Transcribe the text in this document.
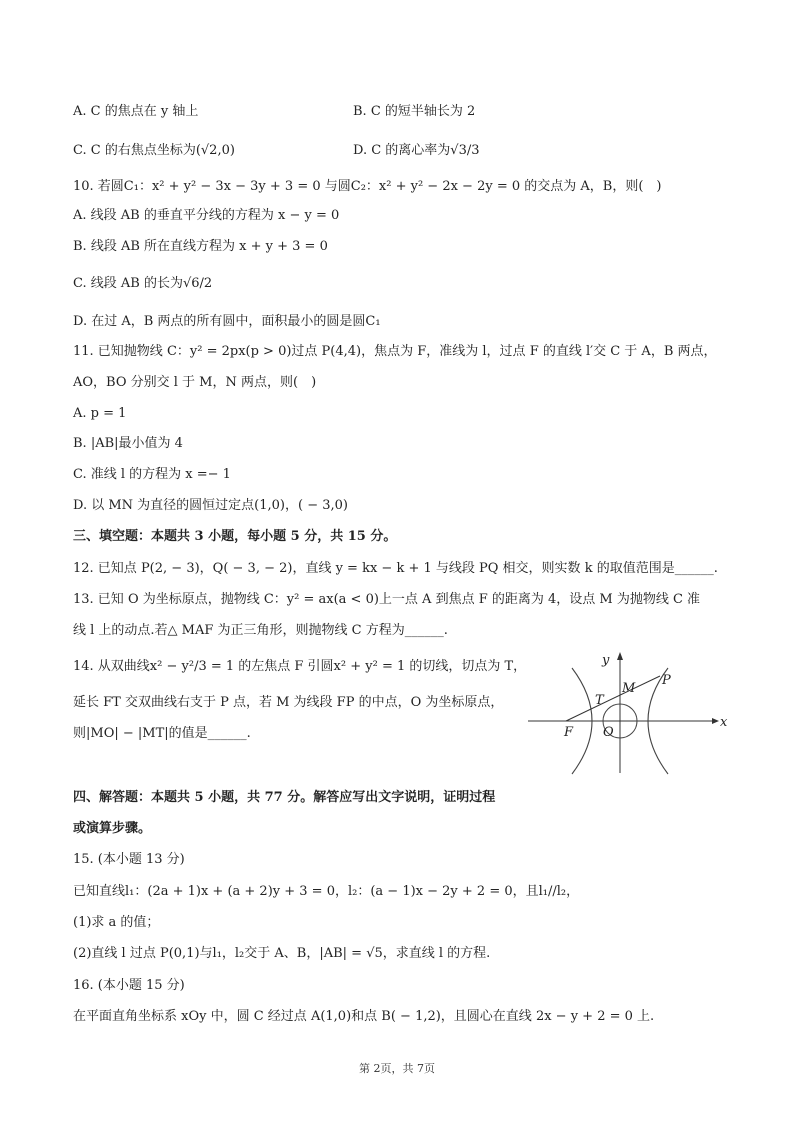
A. C 的焦点在 y 轴上	B. C 的短半轴长为 2
C. C 的右焦点坐标为(√2,0)	D. C 的离心率为√3/3
10. 若圆C₁：x² + y² − 3x − 3y + 3 = 0 与圆C₂：x² + y² − 2x − 2y = 0 的交点为 A，B，则(　)
A. 线段 AB 的垂直平分线的方程为 x − y = 0
B. 线段 AB 所在直线方程为 x + y + 3 = 0
C. 线段 AB 的长为√6/2
D. 在过 A，B 两点的所有圆中，面积最小的圆是圆C₁
11. 已知抛物线 C：y² = 2px(p > 0)过点 P(4,4)，焦点为 F，准线为 l，过点 F 的直线 l′交 C 于 A，B 两点，
AO，BO 分别交 l 于 M，N 两点，则(　)
A. p = 1
B. |AB|最小值为 4
C. 准线 l 的方程为 x =− 1
D. 以 MN 为直径的圆恒过定点(1,0)，( − 3,0)
三、填空题：本题共 3 小题，每小题 5 分，共 15 分。
12. 已知点 P(2, − 3)，Q( − 3, − 2)，直线 y = kx − k + 1 与线段 PQ 相交，则实数 k 的取值范围是______.
13. 已知 O 为坐标原点，抛物线 C：y² = ax(a < 0)上一点 A 到焦点 F 的距离为 4，设点 M 为抛物线 C 准
线 l 上的动点.若△ MAF 为正三角形，则抛物线 C 方程为______.
14. 从双曲线x² − y²/3 = 1 的左焦点 F 引圆x² + y² = 1 的切线，切点为 T，
延长 FT 交双曲线右支于 P 点，若 M 为线段 FP 的中点，O 为坐标原点，
则|MO| − |MT|的值是______.
y
x
P
M
T
F O
四、解答题：本题共 5 小题，共 77 分。解答应写出文字说明，证明过程
或演算步骤。
15. (本小题 13 分)
已知直线l₁：(2a + 1)x + (a + 2)y + 3 = 0，l₂：(a − 1)x − 2y + 2 = 0，且l₁//l₂，
(1)求 a 的值；
(2)直线 l 过点 P(0,1)与l₁，l₂交于 A、B，|AB| = √5，求直线 l 的方程.
16. (本小题 15 分)
在平面直角坐标系 xOy 中，圆 C 经过点 A(1,0)和点 B( − 1,2)，且圆心在直线 2x − y + 2 = 0 上.
第 2页，共 7页
